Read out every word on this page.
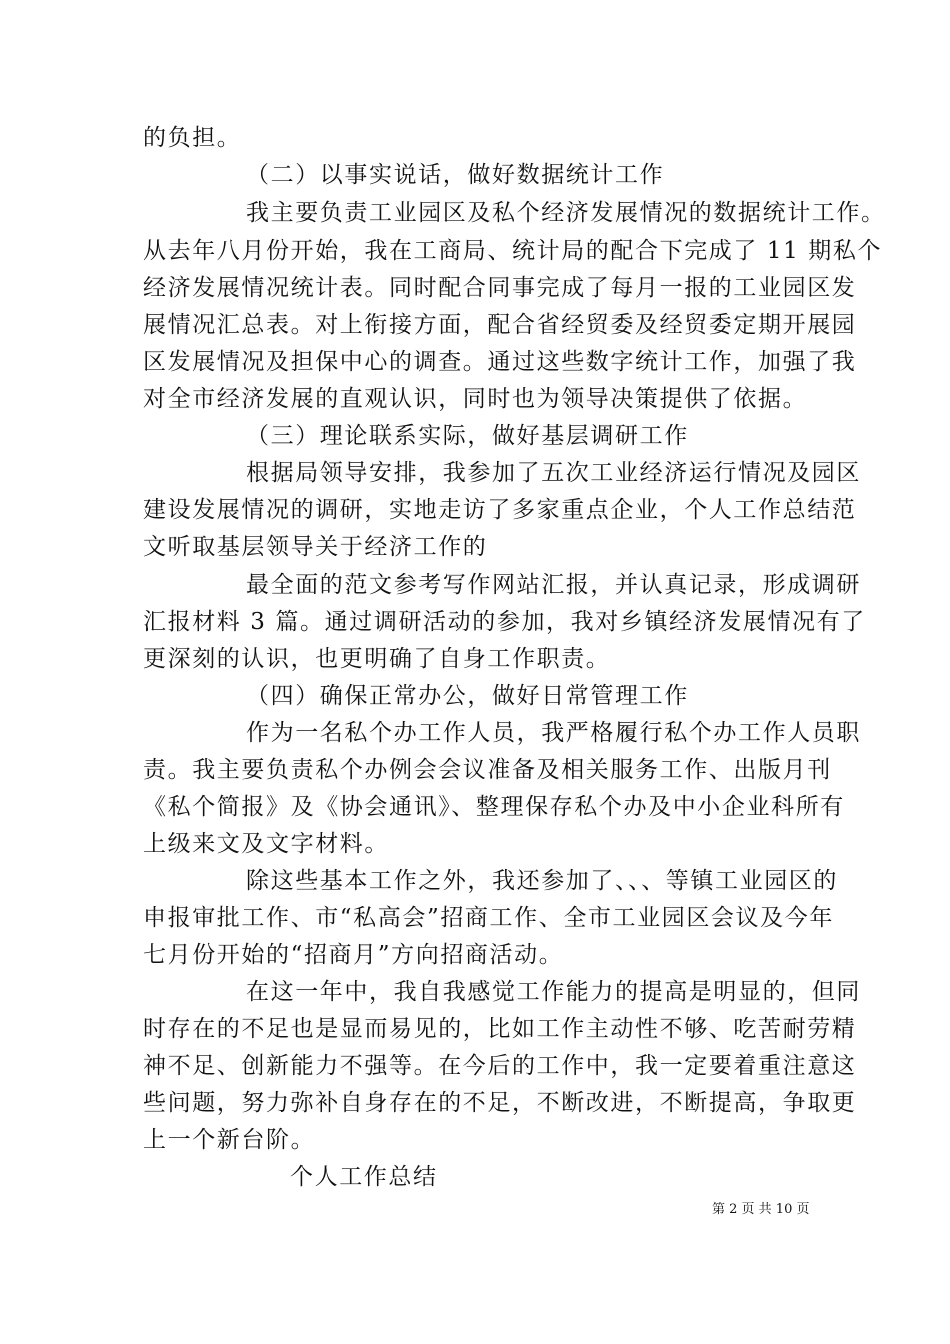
的负担。
（二）以事实说话，做好数据统计工作
我主要负责工业园区及私个经济发展情况的数据统计工作。
从去年八月份开始，我在工商局、统计局的配合下完成了 11 期私个
经济发展情况统计表。同时配合同事完成了每月一报的工业园区发
展情况汇总表。对上衔接方面，配合省经贸委及经贸委定期开展园
区发展情况及担保中心的调查。通过这些数字统计工作，加强了我
对全市经济发展的直观认识，同时也为领导决策提供了依据。
（三）理论联系实际，做好基层调研工作
根据局领导安排，我参加了五次工业经济运行情况及园区
建设发展情况的调研，实地走访了多家重点企业，个人工作总结范
文听取基层领导关于经济工作的
最全面的范文参考写作网站汇报，并认真记录，形成调研
汇报材料 3 篇。通过调研活动的参加，我对乡镇经济发展情况有了
更深刻的认识，也更明确了自身工作职责。
（四）确保正常办公，做好日常管理工作
作为一名私个办工作人员，我严格履行私个办工作人员职
责。我主要负责私个办例会会议准备及相关服务工作、出版月刊
《私个简报》及《协会通讯》、整理保存私个办及中小企业科所有
上级来文及文字材料。
除这些基本工作之外，我还参加了、、、等镇工业园区的
申报审批工作、市“私高会”招商工作、全市工业园区会议及今年
七月份开始的“招商月”方向招商活动。
在这一年中，我自我感觉工作能力的提高是明显的，但同
时存在的不足也是显而易见的，比如工作主动性不够、吃苦耐劳精
神不足、创新能力不强等。在今后的工作中，我一定要着重注意这
些问题，努力弥补自身存在的不足，不断改进，不断提高，争取更
上一个新台阶。
个人工作总结
第 2 页 共 10 页
